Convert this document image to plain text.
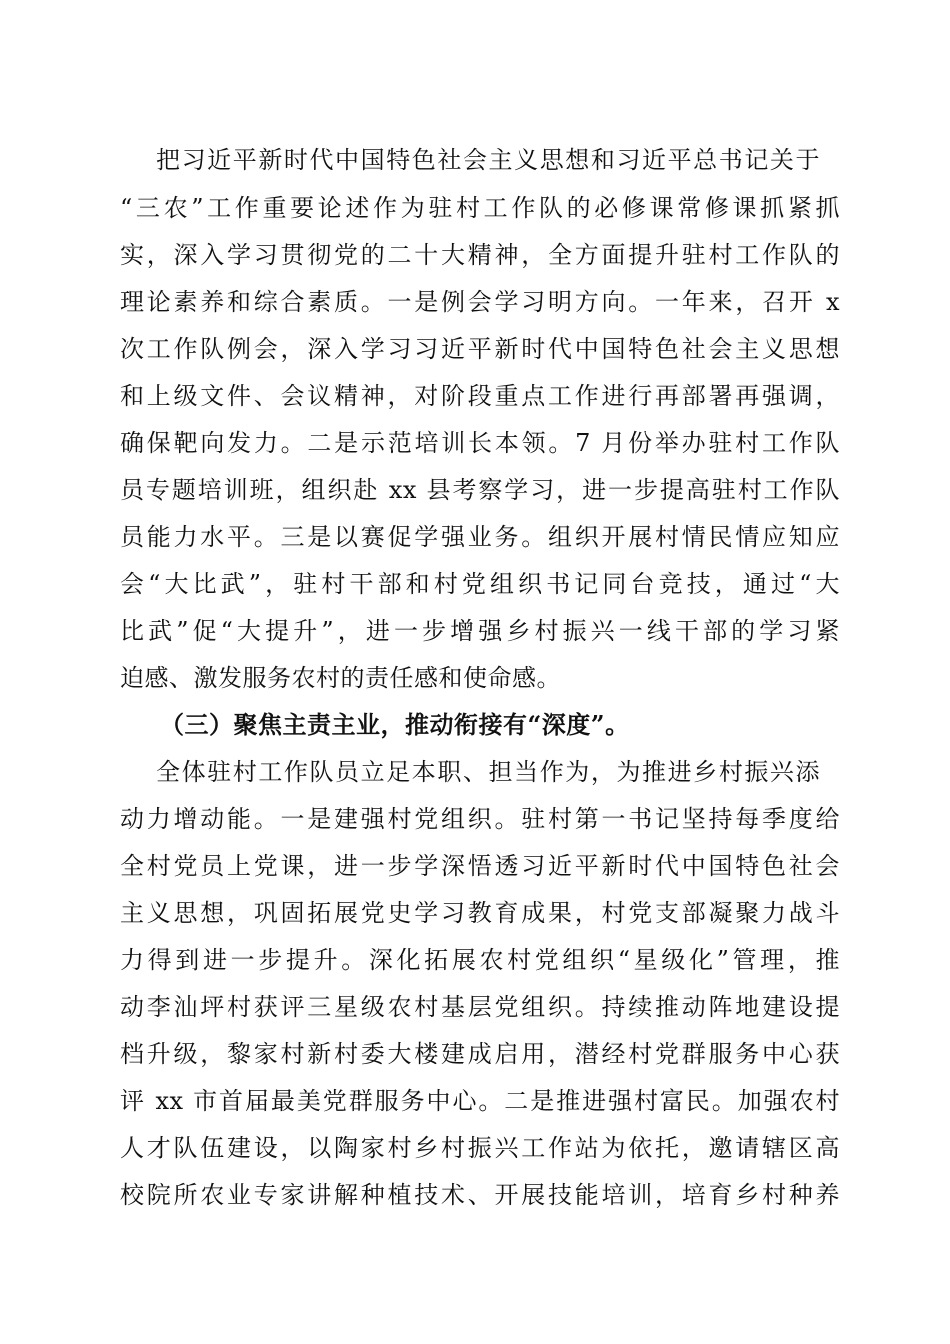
把习近平新时代中国特色社会主义思想和习近平总书记关于
“三农”工作重要论述作为驻村工作队的必修课常修课抓紧抓
实，深入学习贯彻党的二十大精神，全方面提升驻村工作队的
理论素养和综合素质。一是例会学习明方向。一年来，召开 x
次工作队例会，深入学习习近平新时代中国特色社会主义思想
和上级文件、会议精神，对阶段重点工作进行再部署再强调，
确保靶向发力。二是示范培训长本领。7 月份举办驻村工作队
员专题培训班，组织赴 xx 县考察学习，进一步提高驻村工作队
员能力水平。三是以赛促学强业务。组织开展村情民情应知应
会“大比武”，驻村干部和村党组织书记同台竞技，通过“大
比武”促“大提升”，进一步增强乡村振兴一线干部的学习紧
迫感、激发服务农村的责任感和使命感。
（三）聚焦主责主业，推动衔接有“深度”。
全体驻村工作队员立足本职、担当作为，为推进乡村振兴添
动力增动能。一是建强村党组织。驻村第一书记坚持每季度给
全村党员上党课，进一步学深悟透习近平新时代中国特色社会
主义思想，巩固拓展党史学习教育成果，村党支部凝聚力战斗
力得到进一步提升。深化拓展农村党组织“星级化”管理，推
动李汕坪村获评三星级农村基层党组织。持续推动阵地建设提
档升级，黎家村新村委大楼建成启用，潜经村党群服务中心获
评 xx 市首届最美党群服务中心。二是推进强村富民。加强农村
人才队伍建设，以陶家村乡村振兴工作站为依托，邀请辖区高
校院所农业专家讲解种植技术、开展技能培训，培育乡村种养
